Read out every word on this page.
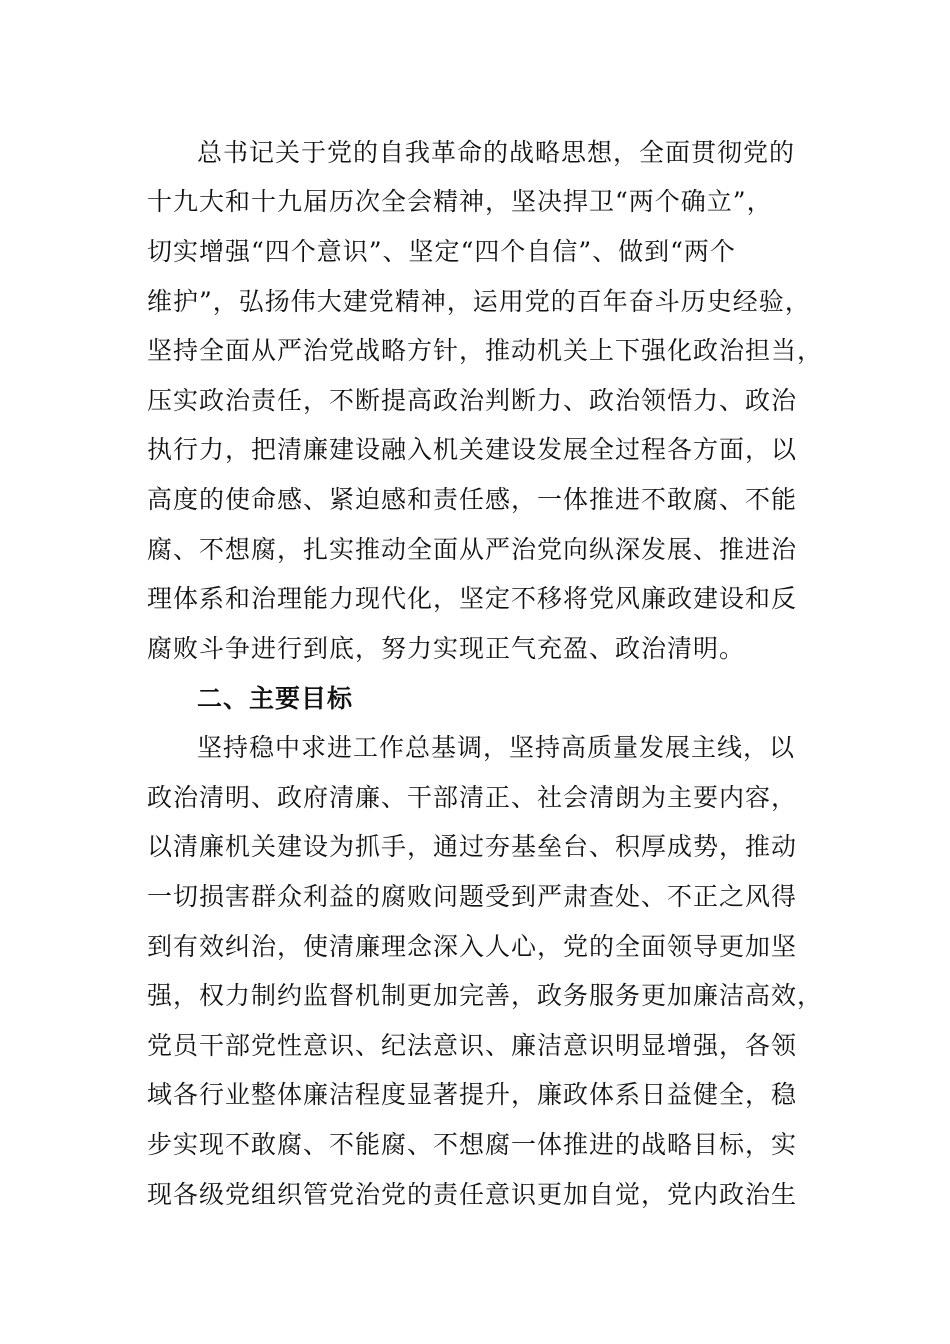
总书记关于党的自我革命的战略思想，全面贯彻党的
十九大和十九届历次全会精神，坚决捍卫“两个确立”，
切实增强“四个意识”、坚定“四个自信”、做到“两个
维护”，弘扬伟大建党精神，运用党的百年奋斗历史经验，
坚持全面从严治党战略方针，推动机关上下强化政治担当，
压实政治责任，不断提高政治判断力、政治领悟力、政治
执行力，把清廉建设融入机关建设发展全过程各方面，以
高度的使命感、紧迫感和责任感，一体推进不敢腐、不能
腐、不想腐，扎实推动全面从严治党向纵深发展、推进治
理体系和治理能力现代化，坚定不移将党风廉政建设和反
腐败斗争进行到底，努力实现正气充盈、政治清明。
二、主要目标
坚持稳中求进工作总基调，坚持高质量发展主线，以
政治清明、政府清廉、干部清正、社会清朗为主要内容，
以清廉机关建设为抓手，通过夯基垒台、积厚成势，推动
一切损害群众利益的腐败问题受到严肃查处、不正之风得
到有效纠治，使清廉理念深入人心，党的全面领导更加坚
强，权力制约监督机制更加完善，政务服务更加廉洁高效，
党员干部党性意识、纪法意识、廉洁意识明显增强，各领
域各行业整体廉洁程度显著提升，廉政体系日益健全，稳
步实现不敢腐、不能腐、不想腐一体推进的战略目标，实
现各级党组织管党治党的责任意识更加自觉，党内政治生
